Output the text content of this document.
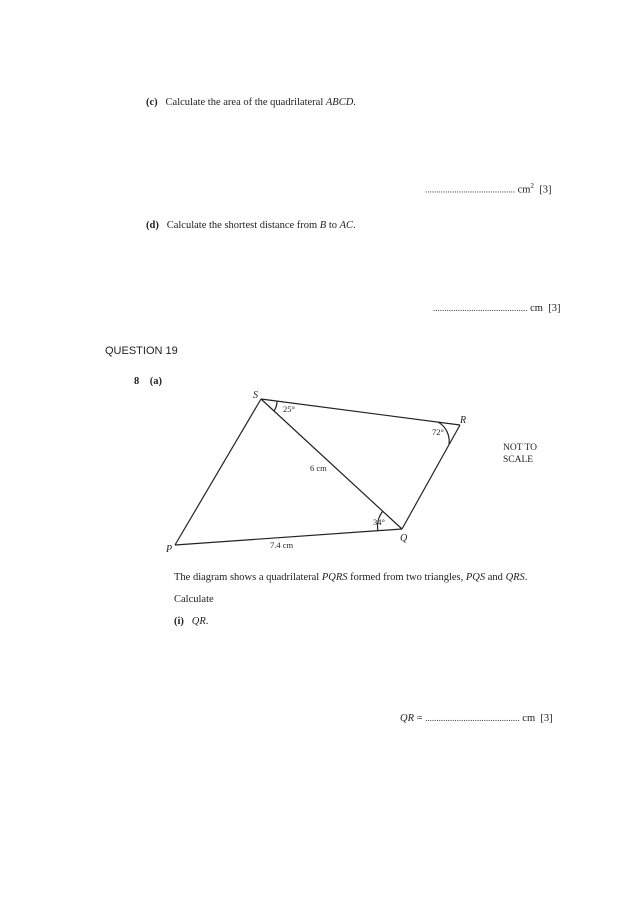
(c) Calculate the area of the quadrilateral ABCD.
........................................ $cm^2$ [3]
(d) Calculate the shortest distance from B to AC.
.......................................... cm [3]
QUESTION 19
8 (a)
S
R
P
Q
25°
72°
34°
6 cm
7.4 cm
NOT TO
SCALE
The diagram shows a quadrilateral PQRS formed from two triangles, PQS and QRS.
Calculate
(i) QR.
QR = .......................................... cm [3]
